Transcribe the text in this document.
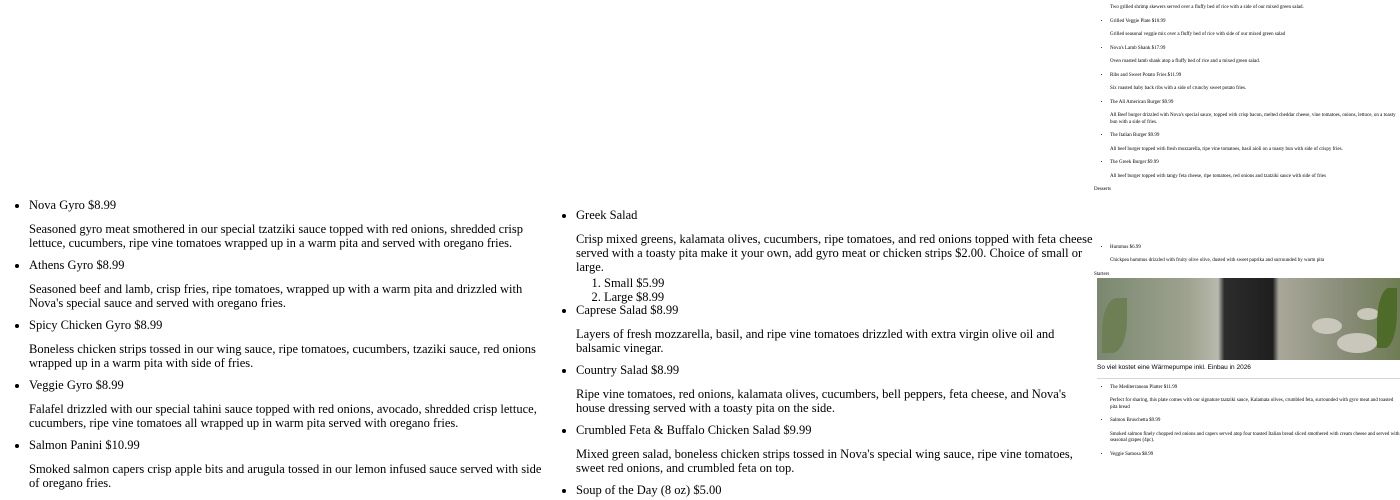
• Nova Gyro $8.99
Seasoned gyro meat smothered in our special tzatziki sauce topped with red onions, shredded crisp lettuce, cucumbers, ripe vine tomatoes wrapped up in a warm pita and served with oregano fries.
• Athens Gyro $8.99
Seasoned beef and lamb, crisp fries, ripe tomatoes, wrapped up with a warm pita and drizzled with Nova's special sauce and served with oregano fries.
• Spicy Chicken Gyro $8.99
Boneless chicken strips tossed in our wing sauce, ripe tomatoes, cucumbers, tzaziki sauce, red onions wrapped up in a warm pita with side of fries.
• Veggie Gyro $8.99
Falafel drizzled with our special tahini sauce topped with red onions, avocado, shredded crisp lettuce, cucumbers, ripe vine tomatoes all wrapped up in warm pita served with oregano fries.
• Salmon Panini $10.99
Smoked salmon capers crisp apple bits and arugula tossed in our lemon infused sauce served with side of oregano fries.
• Greek Salad
Crisp mixed greens, kalamata olives, cucumbers, ripe tomatoes, and red onions topped with feta cheese served with a toasty pita make it your own, add gyro meat or chicken strips $2.00. Choice of small or large.
1. Small $5.99
2. Large $8.99
• Caprese Salad $8.99
Layers of fresh mozzarella, basil, and ripe vine tomatoes drizzled with extra virgin olive oil and balsamic vinegar.
• Country Salad $8.99
Ripe vine tomatoes, red onions, kalamata olives, cucumbers, bell peppers, feta cheese, and Nova's house dressing served with a toasty pita on the side.
• Crumbled Feta & Buffalo Chicken Salad $9.99
Mixed green salad, boneless chicken strips tossed in Nova's special wing sauce, ripe vine tomatoes, sweet red onions, and crumbled feta on top.
• Soup of the Day (8 oz) $5.00
Two grilled shrimp skewers served over a fluffy bed of rice with a side of our mixed green salad.
• Grilled Veggie Plate $10.99
Grilled seasonal veggie mix over a fluffy bed of rice with side of our mixed green salad
• Nova's Lamb Shank $17.99
Oven roasted lamb shank atop a fluffy bed of rice and a mixed green salad.
• Ribs and Sweet Potato Fries $11.99
Six roasted baby back ribs with a side of crunchy sweet potato fries.
• The All American Burger $9.99
All Beef burger drizzled with Nova's special sauce, topped with crisp bacon, melted cheddar cheese, vine tomatoes, onions, lettuce, on a toasty bun with a side of fries.
• The Italian Burger $9.99
All beef burger topped with fresh mozzarella, ripe vine tomatoes, basil aioli on a toasty bun with side of crispy fries.
• The Greek Burger $9.99
All beef burger topped with tangy feta cheese, ripe tomatoes, red onions and tzatziki sauce with side of fries
Desserts
• Hummus $6.99
Chickpea hummus drizzled with fruity olive olive, dusted with sweet paprika and surrounded by warm pita
Starters
So viel kostet eine Wärmepumpe inkl. Einbau in 2026
• The Mediterranean Platter $11.99
Perfect for sharing, this plate comes with our signature tzatziki sauce, Kalamata olives, crumbled feta, surrounded with gyro meat and toasted pita bread
• Salmon Bruschetta $9.99
Smoked salmon finely chopped red onions and capers served atop four toasted Italian bread sliced smothered with cream cheese and served with seasonal grapes (4pc).
• Veggie Samosa $8.99
